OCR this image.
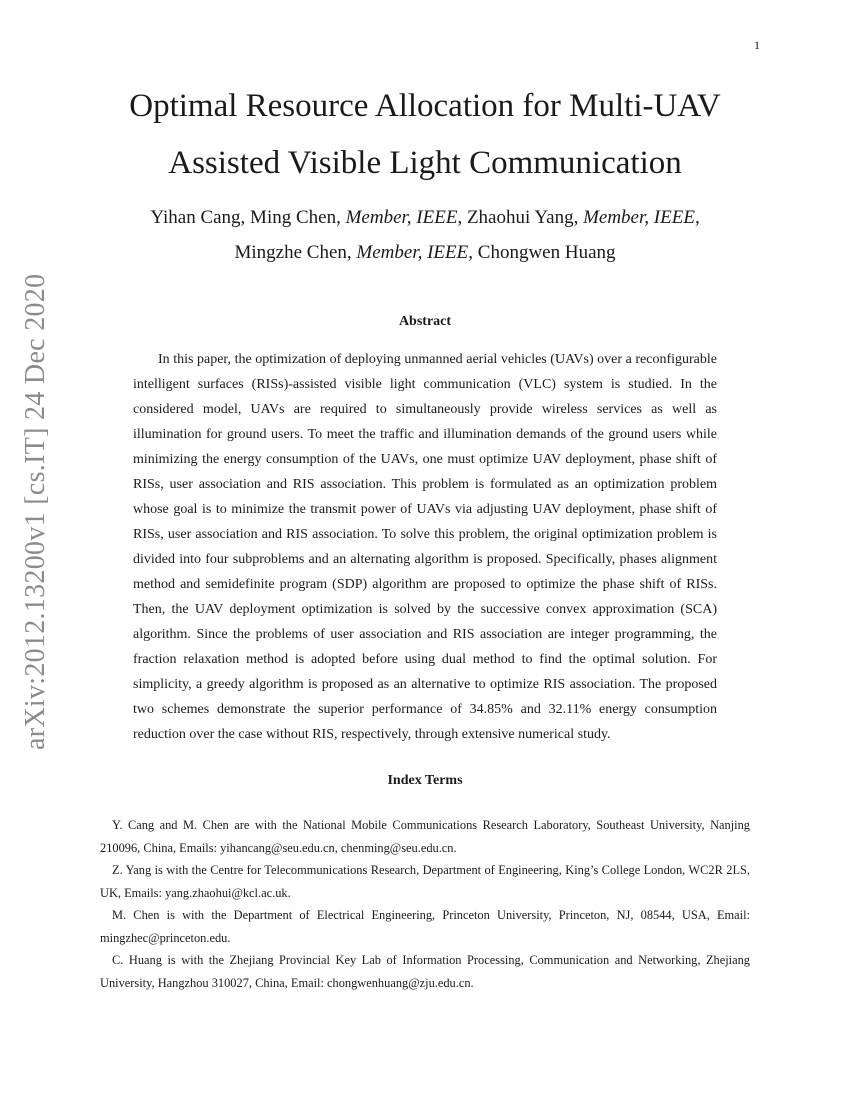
1
arXiv:2012.13200v1 [cs.IT] 24 Dec 2020
Optimal Resource Allocation for Multi-UAV
Assisted Visible Light Communication
Yihan Cang, Ming Chen, Member, IEEE, Zhaohui Yang, Member, IEEE,
Mingzhe Chen, Member, IEEE, Chongwen Huang
Abstract

In this paper, the optimization of deploying unmanned aerial vehicles (UAVs) over a reconfigurable intelligent surfaces (RISs)-assisted visible light communication (VLC) system is studied. In the considered model, UAVs are required to simultaneously provide wireless services as well as illumination for ground users. To meet the traffic and illumination demands of the ground users while minimizing the energy consumption of the UAVs, one must optimize UAV deployment, phase shift of RISs, user association and RIS association. This problem is formulated as an optimization problem whose goal is to minimize the transmit power of UAVs via adjusting UAV deployment, phase shift of RISs, user association and RIS association. To solve this problem, the original optimization problem is divided into four subproblems and an alternating algorithm is proposed. Specifically, phases alignment method and semidefinite program (SDP) algorithm are proposed to optimize the phase shift of RISs. Then, the UAV deployment optimization is solved by the successive convex approximation (SCA) algorithm. Since the problems of user association and RIS association are integer programming, the fraction relaxation method is adopted before using dual method to find the optimal solution. For simplicity, a greedy algorithm is proposed as an alternative to optimize RIS association. The proposed two schemes demonstrate the superior performance of 34.85% and 32.11% energy consumption reduction over the case without RIS, respectively, through extensive numerical study.

Index Terms

Y. Cang and M. Chen are with the National Mobile Communications Research Laboratory, Southeast University, Nanjing 210096, China, Emails: yihancang@seu.edu.cn, chenming@seu.edu.cn.

Z. Yang is with the Centre for Telecommunications Research, Department of Engineering, King’s College London, WC2R 2LS, UK, Emails: yang.zhaohui@kcl.ac.uk.

M. Chen is with the Department of Electrical Engineering, Princeton University, Princeton, NJ, 08544, USA, Email: mingzhec@princeton.edu.

C. Huang is with the Zhejiang Provincial Key Lab of Information Processing, Communication and Networking, Zhejiang University, Hangzhou 310027, China, Email: chongwenhuang@zju.edu.cn.
